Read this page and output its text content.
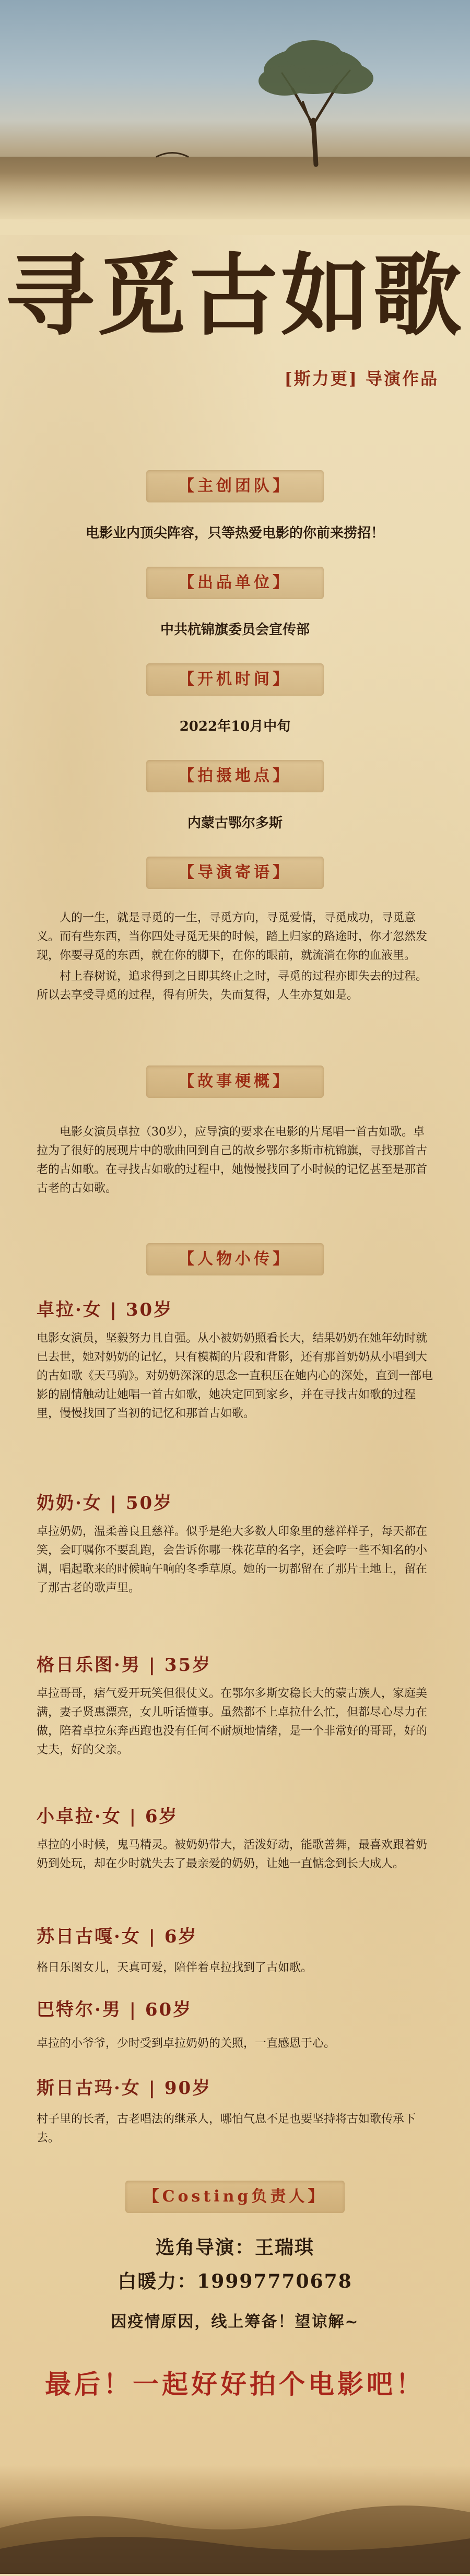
寻觅古如歌
[斯力更] 导演作品
【主创团队】
电影业内顶尖阵容，只等热爱电影的你前来捞招！
【出品单位】
中共杭锦旗委员会宣传部
【开机时间】
2022年10月中旬
【拍摄地点】
内蒙古鄂尔多斯
【导演寄语】

人的一生，就是寻觅的一生，寻觅方向，寻觅爱情，寻觅成功，寻觅意义。而有些东西，当你四处寻觅无果的时候，踏上归家的路途时，你才忽然发现，你要寻觅的东西，就在你的脚下，在你的眼前，就流淌在你的血液里。

村上春树说，追求得到之日即其终止之时，寻觅的过程亦即失去的过程。所以去享受寻觅的过程，得有所失，失而复得，人生亦复如是。

【故事梗概】

电影女演员卓拉（30岁），应导演的要求在电影的片尾唱一首古如歌。卓拉为了很好的展现片中的歌曲回到自己的故乡鄂尔多斯市杭锦旗，寻找那首古老的古如歌。在寻找古如歌的过程中，她慢慢找回了小时候的记忆甚至是那首古老的古如歌。

【人物小传】
卓拉·女 | 30岁
电影女演员，坚毅努力且自强。从小被奶奶照看长大，结果奶奶在她年幼时就已去世，她对奶奶的记忆，只有模糊的片段和背影，还有那首奶奶从小唱到大的古如歌《天马驹》。对奶奶深深的思念一直积压在她内心的深处，直到一部电影的剧情触动让她唱一首古如歌，她决定回到家乡，并在寻找古如歌的过程里，慢慢找回了当初的记忆和那首古如歌。
奶奶·女 | 50岁
卓拉奶奶，温柔善良且慈祥。似乎是绝大多数人印象里的慈祥样子，每天都在笑，会叮嘱你不要乱跑，会告诉你哪一株花草的名字，还会哼一些不知名的小调，唱起歌来的时候晌午响的冬季草原。她的一切都留在了那片土地上，留在了那古老的歌声里。
格日乐图·男 | 35岁
卓拉哥哥，痞气爱开玩笑但很仗义。在鄂尔多斯安稳长大的蒙古族人，家庭美满，妻子贤惠漂亮，女儿听话懂事。虽然都不上卓拉什么忙，但都尽心尽力在做，陪着卓拉东奔西跑也没有任何不耐烦地情绪，是一个非常好的哥哥，好的丈夫，好的父亲。
小卓拉·女 | 6岁
卓拉的小时候，鬼马精灵。被奶奶带大，活泼好动，能歌善舞，最喜欢跟着奶奶到处玩，却在少时就失去了最亲爱的奶奶，让她一直惦念到长大成人。
苏日古嘎·女 | 6岁
格日乐图女儿，天真可爱，陪伴着卓拉找到了古如歌。
巴特尔·男 | 60岁
卓拉的小爷爷，少时受到卓拉奶奶的关照，一直感恩于心。
斯日古玛·女 | 90岁
村子里的长者，古老唱法的继承人，哪怕气息不足也要坚持将古如歌传承下去。
【Costing负责人】
选角导演：王瑞琪
白暖力：19997770678
因疫情原因，线上筹备！望谅解~
最后！一起好好拍个电影吧！
